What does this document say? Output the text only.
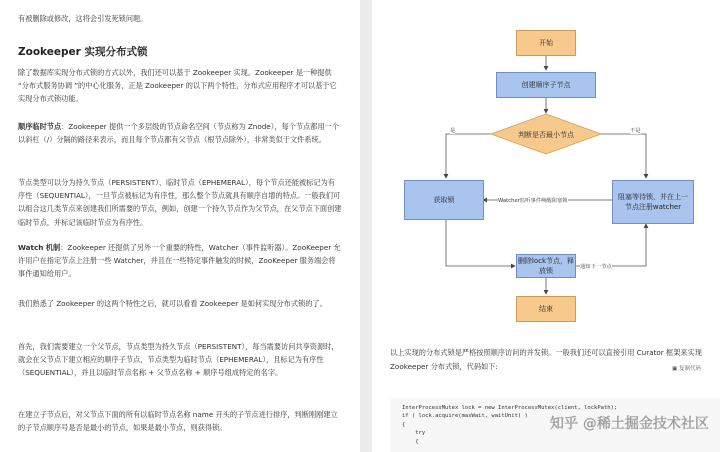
有被删除或修改，这将会引发死锁问题。

Zookeeper 实现分布式锁

除了数据库实现分布式锁的方式以外，我们还可以基于 Zookeeper 实现。Zookeeper 是一种提供 “分布式服务协调 ”的中心化服务，正是 Zookeeper 的以下两个特性，分布式应用程序才可以基于它实现分布式锁功能。

顺序临时节点：Zookeeper 提供一个多层级的节点命名空间（节点称为 Znode），每个节点都用一个以斜杠（/）分隔的路径来表示，而且每个节点都有父节点（根节点除外），非常类似于文件系统。

节点类型可以分为持久节点（PERSISTENT）、临时节点（EPHEMERAL），每个节点还能被标记为有序性（SEQUENTIAL），一旦节点被标记为有序性，那么整个节点就具有顺序自增的特点。一般我们可以组合这几类节点来创建我们所需要的节点，例如，创建一个持久节点作为父节点，在父节点下面创建临时节点，并标记该临时节点为有序性。

Watch 机制：Zookeeper 还提供了另外一个重要的特性，Watcher（事件监听器）。ZooKeeper 允许用户在指定节点上注册一些 Watcher，并且在一些特定事件触发的时候，ZooKeeper 服务端会将事件通知给用户。

我们熟悉了 Zookeeper 的这两个特性之后，就可以看看 Zookeeper 是如何实现分布式锁的了。

首先，我们需要建立一个父节点，节点类型为持久节点（PERSISTENT），每当需要访问共享资源时，就会在父节点下建立相应的顺序子节点，节点类型为临时节点（EPHEMERAL），且标记为有序性（SEQUENTIAL），并且以临时节点名称 + 父节点名称 + 顺序号组成特定的名字。

在建立子节点后，对父节点下面的所有以临时节点名称 name 开头的子节点进行排序，判断刚刚建立的子节点顺序号是否是最小的节点，如果是最小节点，则获得锁。

开始
创建顺序子节点
判断是否最小节点
是	不是
获取锁	阻塞等待锁，并在上一节点注册watcher
Watcher监听事件唤醒阻塞锁
删除lock节点，释放锁	通知下一节点
结束

以上实现的分布式锁是严格按照顺序访问的并发锁。一般我们还可以直接引用 Curator 框架来实现 Zookeeper 分布式锁，代码如下:	▣ 复制代码
InterProcessMutex lock = new InterProcessMutex(client, lockPath);
if ( lock.acquire(maxWait, waitUnit) )
{
try
{
知乎 @稀土掘金技术社区
